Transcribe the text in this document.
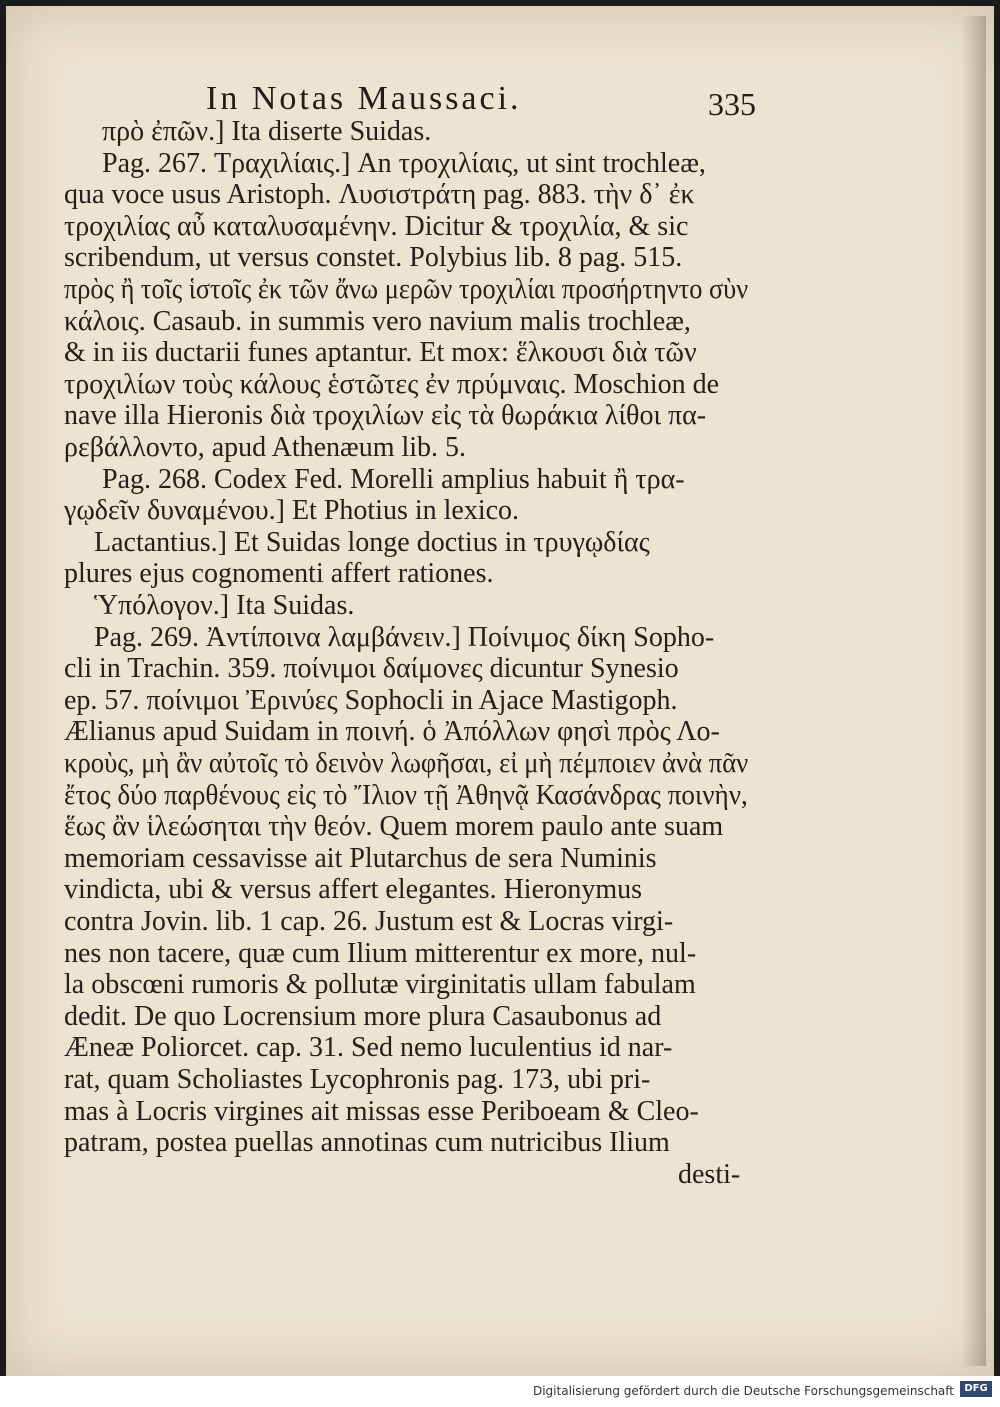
In Notas Maussaci.	335
πρὸ ἐπῶν.] Ita diserte Suidas.
Pag. 267. Τραχιλίαις.] An τροχιλίαις, ut sint trochleæ,
qua voce usus Aristoph. Λυσιστράτη pag. 883. τὴν δ᾽ ἐκ
τροχιλίας αὖ καταλυσαμένην. Dicitur & τροχιλία, & sic
scribendum, ut versus constet. Polybius lib. 8 pag. 515.
πρὸς ἢ τοῖς ἱστοῖς ἐκ τῶν ἄνω μερῶν τροχιλίαι προσήρτηντο σὺν
κάλοις. Casaub. in summis vero navium malis trochleæ,
& in iis ductarii funes aptantur. Et mox: ἕλκουσι διὰ τῶν
τροχιλίων τοὺς κάλους ἑστῶτες ἐν πρύμναις. Moschion de
nave illa Hieronis διὰ τροχιλίων εἰς τὰ θωράκια λίθοι πα-
ρεβάλλοντο, apud Athenæum lib. 5.
Pag. 268. Codex Fed. Morelli amplius habuit ἢ τρα-
γῳδεῖν δυναμένου.] Et Photius in lexico.
Lactantius.] Et Suidas longe doctius in τρυγῳδίας
plures ejus cognomenti affert rationes.
Ὑπόλογον.] Ita Suidas.
Pag. 269. Ἀντίποινα λαμβάνειν.] Ποίνιμος δίκη Sopho-
cli in Trachin. 359. ποίνιμοι δαίμονες dicuntur Synesio
ep. 57. ποίνιμοι Ἐρινύες Sophocli in Ajace Mastigoph.
Ælianus apud Suidam in ποινή. ὁ Ἀπόλλων φησὶ πρὸς Λο-
κροὺς, μὴ ἂν αὐτοῖς τὸ δεινὸν λωφῆσαι, εἰ μὴ πέμποιεν ἀνὰ πᾶν
ἔτος δύο παρθένους εἰς τὸ Ἴλιον τῇ Ἀθηνᾷ Κασάνδρας ποινὴν,
ἕως ἂν ἱλεώσηται τὴν θεόν. Quem morem paulo ante suam
memoriam cessavisse ait Plutarchus de sera Numinis
vindicta, ubi & versus affert elegantes. Hieronymus
contra Jovin. lib. 1 cap. 26. Justum est & Locras virgi-
nes non tacere, quæ cum Ilium mitterentur ex more, nul-
la obscœni rumoris & pollutæ virginitatis ullam fabulam
dedit. De quo Locrensium more plura Casaubonus ad
Æneæ Poliorcet. cap. 31. Sed nemo luculentius id nar-
rat, quam Scholiastes Lycophronis pag. 173, ubi pri-
mas à Locris virgines ait missas esse Periboeam & Cleo-
patram, postea puellas annotinas cum nutricibus Ilium
desti-
Digitalisierung gefördert durch die Deutsche Forschungsgemeinschaft	DFG
